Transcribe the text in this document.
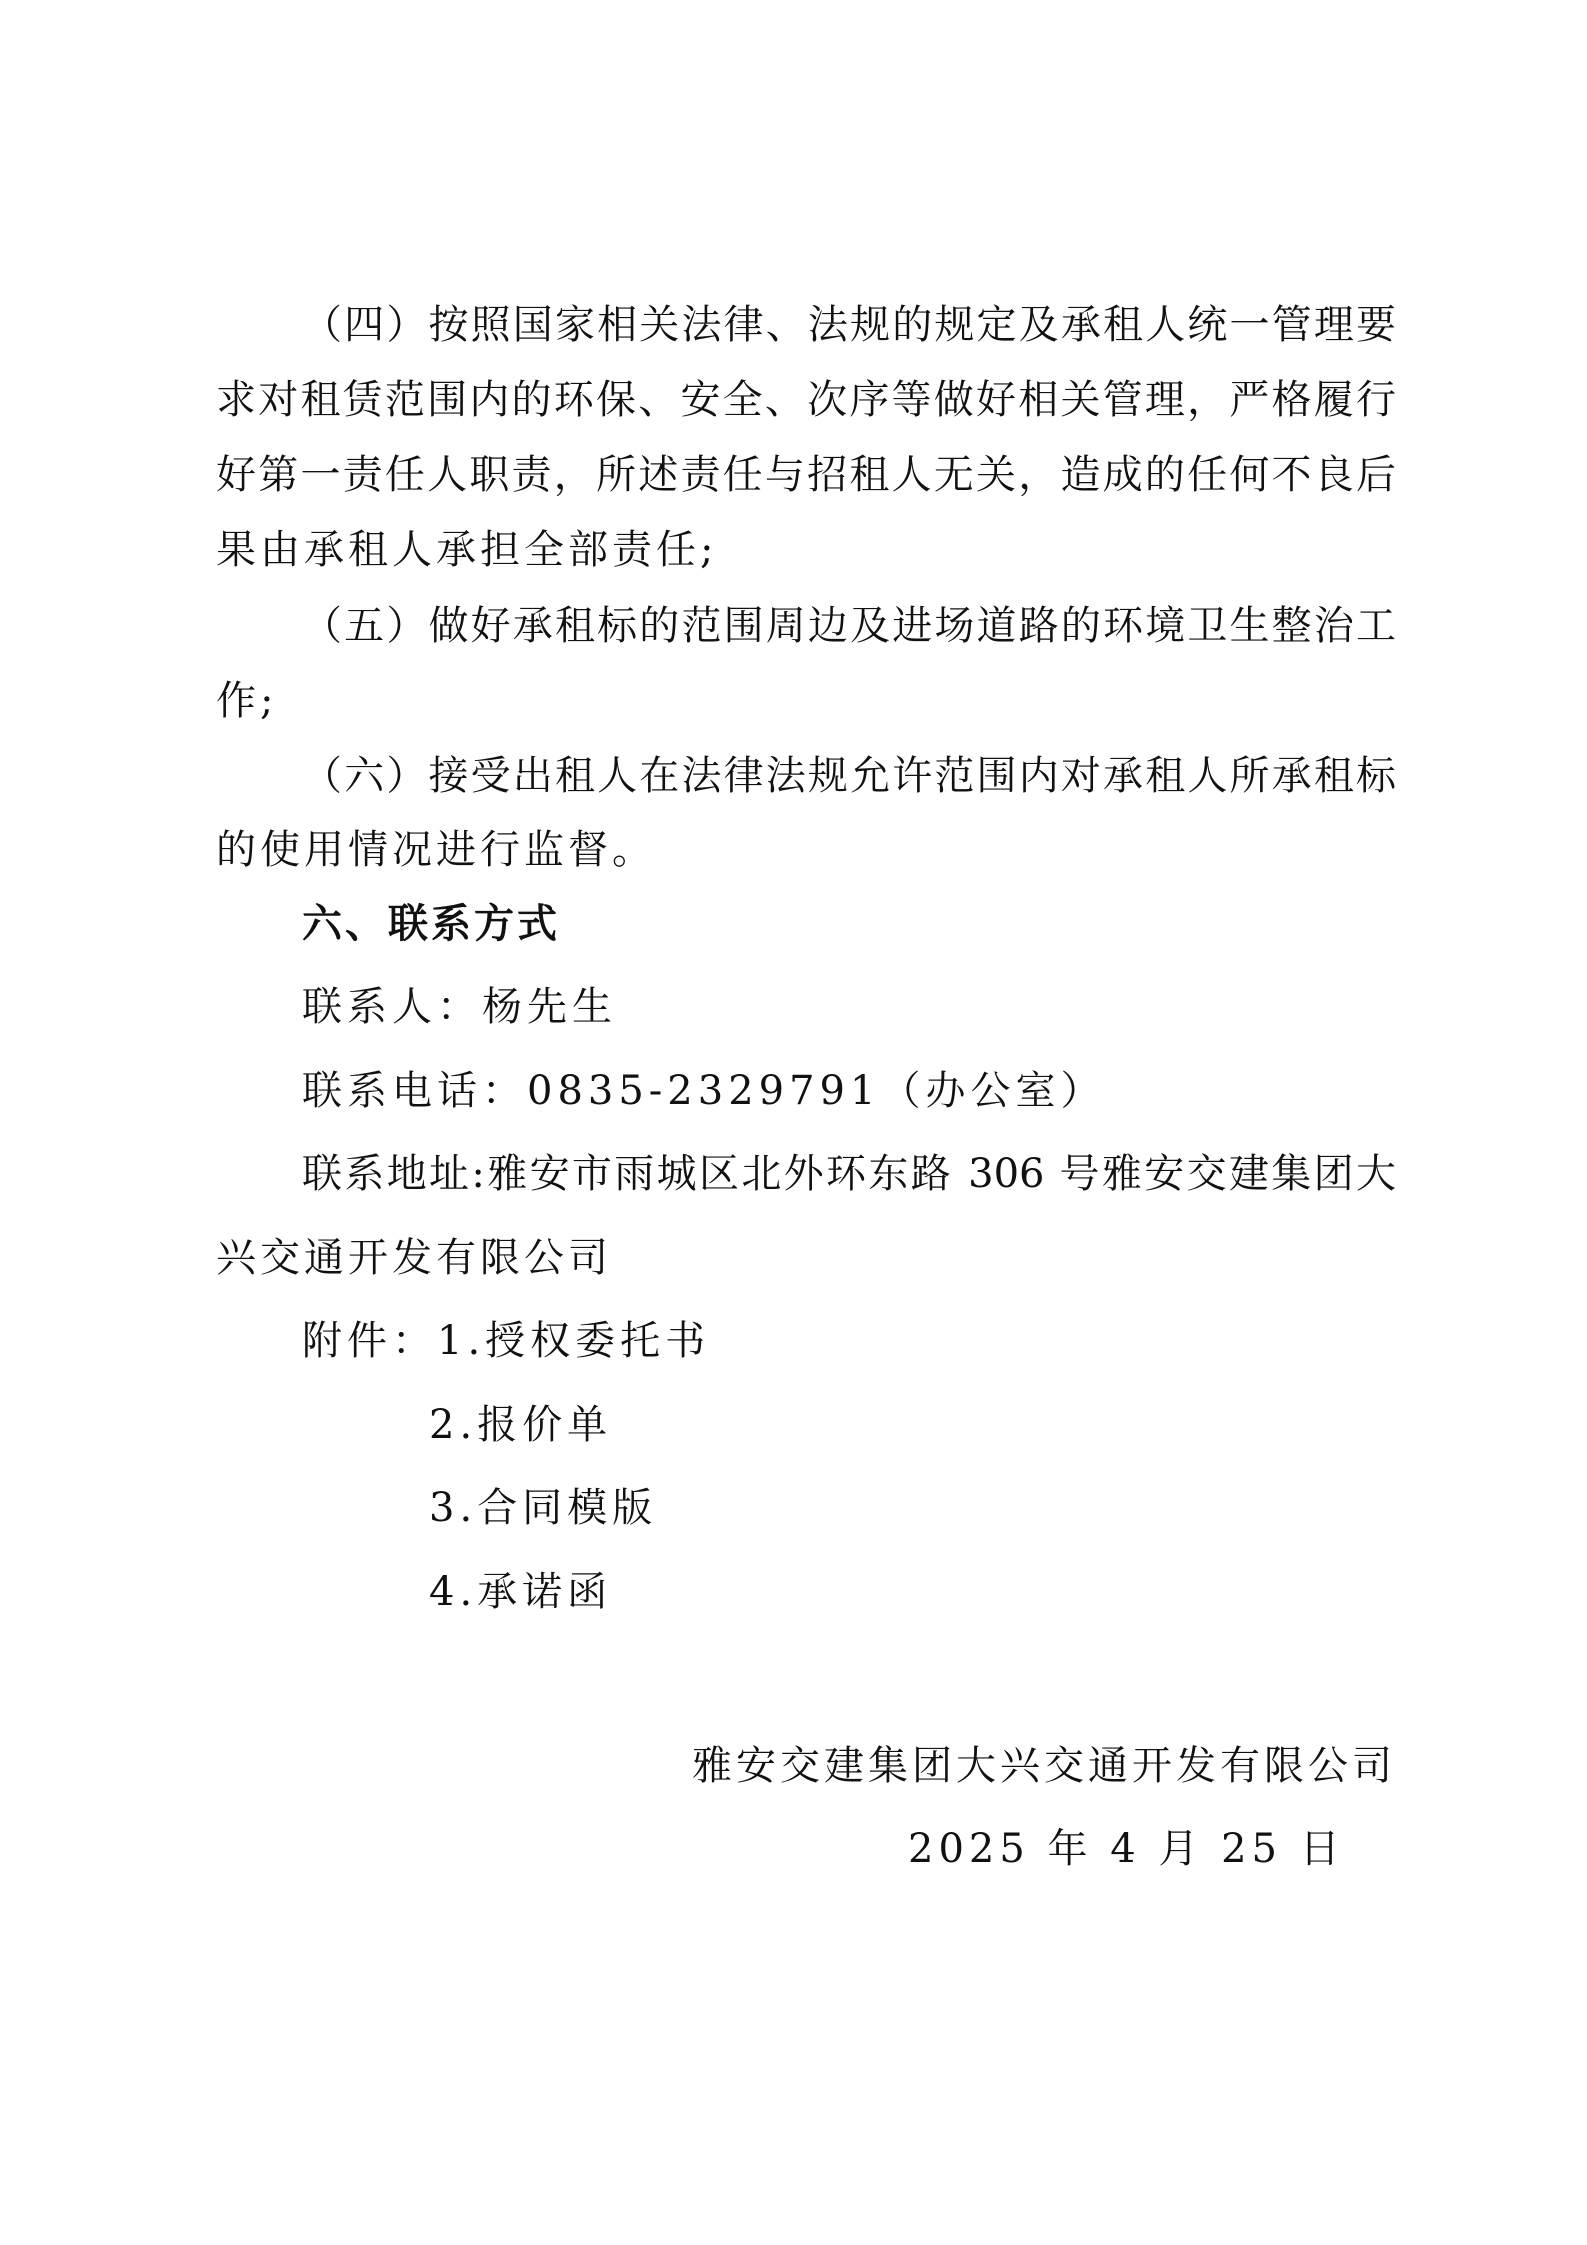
（四）按照国家相关法律、法规的规定及承租人统一管理要
求对租赁范围内的环保、安全、次序等做好相关管理，严格履行
好第一责任人职责，所述责任与招租人无关，造成的任何不良后
果由承租人承担全部责任;
（五）做好承租标的范围周边及进场道路的环境卫生整治工
作;
（六）接受出租人在法律法规允许范围内对承租人所承租标
的使用情况进行监督。
六、联系方式
联系人：杨先生
联系电话：0835-2329791（办公室）
联系地址:雅安市雨城区北外环东路 306 号雅安交建集团大
兴交通开发有限公司
附件：1.授权委托书
2.报价单
3.合同模版
4.承诺函
雅安交建集团大兴交通开发有限公司
2025 年 4 月 25 日
